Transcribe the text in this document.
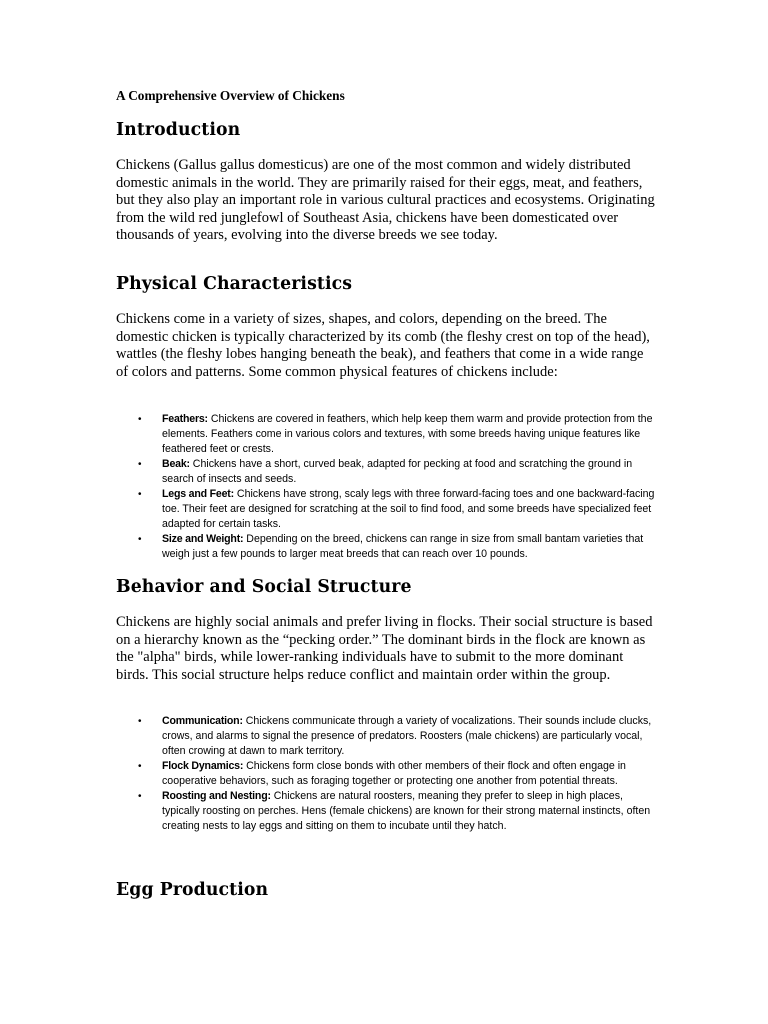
A Comprehensive Overview of Chickens

Introduction

Chickens (Gallus gallus domesticus) are one of the most common and widely distributed domestic animals in the world. They are primarily raised for their eggs, meat, and feathers, but they also play an important role in various cultural practices and ecosystems. Originating from the wild red junglefowl of Southeast Asia, chickens have been domesticated over thousands of years, evolving into the diverse breeds we see today.

Physical Characteristics

Chickens come in a variety of sizes, shapes, and colors, depending on the breed. The domestic chicken is typically characterized by its comb (the fleshy crest on top of the head), wattles (the fleshy lobes hanging beneath the beak), and feathers that come in a wide range of colors and patterns. Some common physical features of chickens include:

• Feathers: Chickens are covered in feathers, which help keep them warm and provide protection from the elements. Feathers come in various colors and textures, with some breeds having unique features like feathered feet or crests.
• Beak: Chickens have a short, curved beak, adapted for pecking at food and scratching the ground in search of insects and seeds.
• Legs and Feet: Chickens have strong, scaly legs with three forward-facing toes and one backward-facing toe. Their feet are designed for scratching at the soil to find food, and some breeds have specialized feet adapted for certain tasks.
• Size and Weight: Depending on the breed, chickens can range in size from small bantam varieties that weigh just a few pounds to larger meat breeds that can reach over 10 pounds.
Behavior and Social Structure

Chickens are highly social animals and prefer living in flocks. Their social structure is based on a hierarchy known as the “pecking order.” The dominant birds in the flock are known as the "alpha" birds, while lower-ranking individuals have to submit to the more dominant birds. This social structure helps reduce conflict and maintain order within the group.

• Communication: Chickens communicate through a variety of vocalizations. Their sounds include clucks, crows, and alarms to signal the presence of predators. Roosters (male chickens) are particularly vocal, often crowing at dawn to mark territory.
• Flock Dynamics: Chickens form close bonds with other members of their flock and often engage in cooperative behaviors, such as foraging together or protecting one another from potential threats.
• Roosting and Nesting: Chickens are natural roosters, meaning they prefer to sleep in high places, typically roosting on perches. Hens (female chickens) are known for their strong maternal instincts, often creating nests to lay eggs and sitting on them to incubate until they hatch.
Egg Production
